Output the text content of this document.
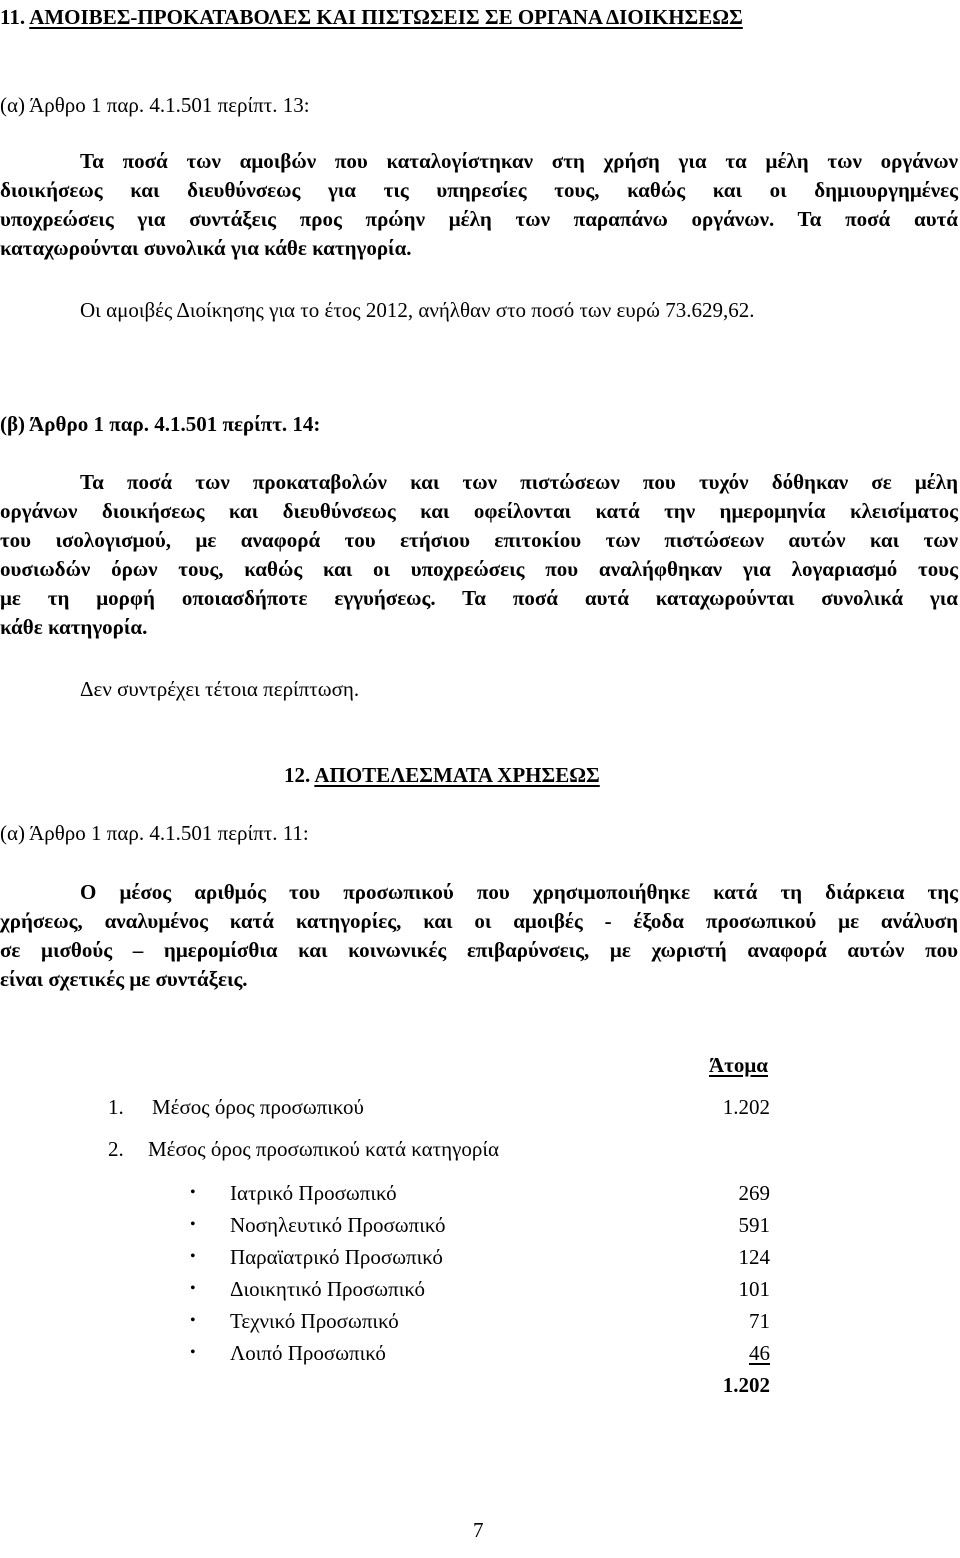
11. ΑΜΟΙΒΕΣ-ΠΡΟΚΑΤΑΒΟΛΕΣ ΚΑΙ ΠΙΣΤΩΣΕΙΣ ΣΕ ΟΡΓΑΝΑ ΔΙΟΙΚΗΣΕΩΣ
(α) Άρθρο 1 παρ. 4.1.501 περίπτ. 13:
Τα ποσά των αμοιβών που καταλογίστηκαν στη χρήση για τα μέλη των οργάνων
διοικήσεως και διευθύνσεως για τις υπηρεσίες τους, καθώς και οι δημιουργημένες
υποχρεώσεις για συντάξεις προς πρώην μέλη των παραπάνω οργάνων. Τα ποσά αυτά
καταχωρούνται συνολικά για κάθε κατηγορία.
Οι αμοιβές Διοίκησης για το έτος 2012, ανήλθαν στο ποσό των ευρώ 73.629,62.
(β) Άρθρο 1 παρ. 4.1.501 περίπτ. 14:
Τα ποσά των προκαταβολών και των πιστώσεων που τυχόν δόθηκαν σε μέλη
οργάνων διοικήσεως και διευθύνσεως και οφείλονται κατά την ημερομηνία κλεισίματος
του ισολογισμού, με αναφορά του ετήσιου επιτοκίου των πιστώσεων αυτών και των
ουσιωδών όρων τους, καθώς και οι υποχρεώσεις που αναλήφθηκαν για λογαριασμό τους
με τη μορφή οποιασδήποτε εγγυήσεως. Τα ποσά αυτά καταχωρούνται συνολικά για
κάθε κατηγορία.
Δεν συντρέχει τέτοια περίπτωση.
12. ΑΠΟΤΕΛΕΣΜΑΤΑ ΧΡΗΣΕΩΣ
(α) Άρθρο 1 παρ. 4.1.501 περίπτ. 11:
Ο μέσος αριθμός του προσωπικού που χρησιμοποιήθηκε κατά τη διάρκεια της
χρήσεως, αναλυμένος κατά κατηγορίες, και οι αμοιβές - έξοδα προσωπικού με ανάλυση
σε μισθούς – ημερομίσθια και κοινωνικές επιβαρύνσεις, με χωριστή αναφορά αυτών που
είναι σχετικές με συντάξεις.
Άτομα
1. Μέσος όρος προσωπικού	1.202
2. Μέσος όρος προσωπικού κατά κατηγορία
• Ιατρικό Προσωπικό	269
• Νοσηλευτικό Προσωπικό	591
• Παραϊατρικό Προσωπικό	124
• Διοικητικό Προσωπικό	101
• Τεχνικό Προσωπικό	71
• Λοιπό Προσωπικό	46
1.202
7
